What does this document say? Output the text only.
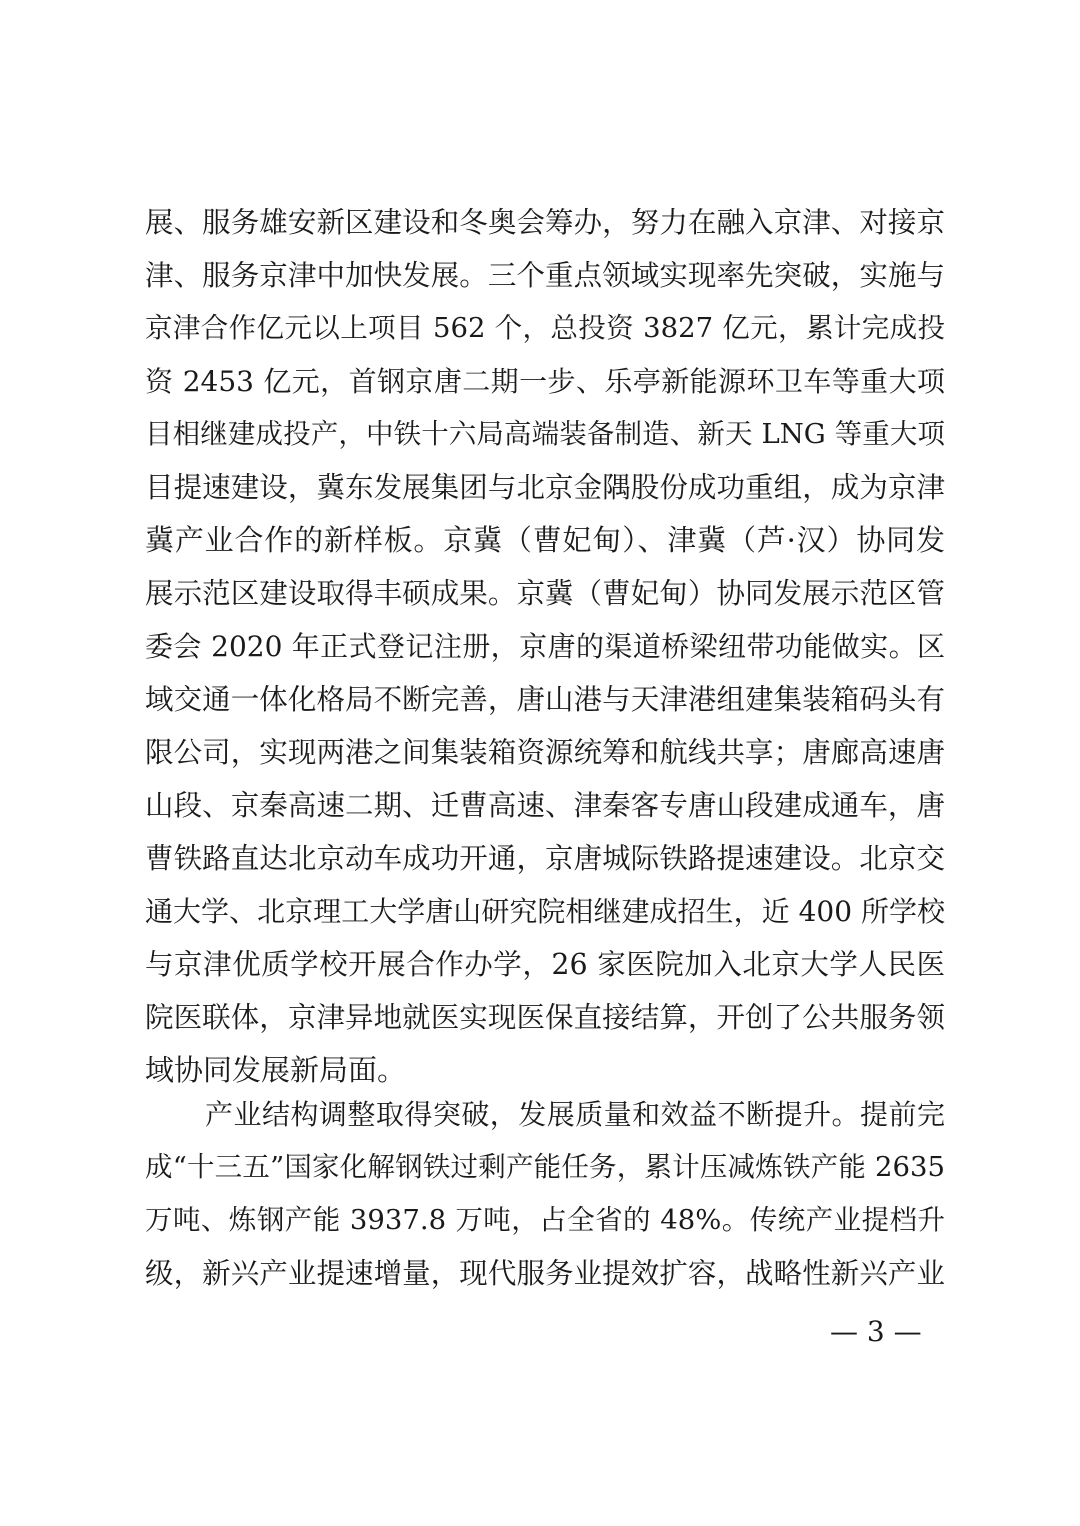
展、服务雄安新区建设和冬奥会筹办，努力在融入京津、对接京
津、服务京津中加快发展。三个重点领域实现率先突破，实施与
京津合作亿元以上项目 562 个，总投资 3827 亿元，累计完成投
资 2453 亿元，首钢京唐二期一步、乐亭新能源环卫车等重大项
目相继建成投产，中铁十六局高端装备制造、新天 LNG 等重大项
目提速建设，冀东发展集团与北京金隅股份成功重组，成为京津
冀产业合作的新样板。京冀（曹妃甸）、津冀（芦·汉）协同发
展示范区建设取得丰硕成果。京冀（曹妃甸）协同发展示范区管
委会 2020 年正式登记注册，京唐的渠道桥梁纽带功能做实。区
域交通一体化格局不断完善，唐山港与天津港组建集装箱码头有
限公司，实现两港之间集装箱资源统筹和航线共享；唐廊高速唐
山段、京秦高速二期、迁曹高速、津秦客专唐山段建成通车，唐
曹铁路直达北京动车成功开通，京唐城际铁路提速建设。北京交
通大学、北京理工大学唐山研究院相继建成招生，近 400 所学校
与京津优质学校开展合作办学，26 家医院加入北京大学人民医
院医联体，京津异地就医实现医保直接结算，开创了公共服务领
域协同发展新局面。
产业结构调整取得突破，发展质量和效益不断提升。提前完
成“十三五”国家化解钢铁过剩产能任务，累计压减炼铁产能 2635
万吨、炼钢产能 3937.8 万吨，占全省的 48%。传统产业提档升
级，新兴产业提速增量，现代服务业提效扩容，战略性新兴产业
— 3 —
